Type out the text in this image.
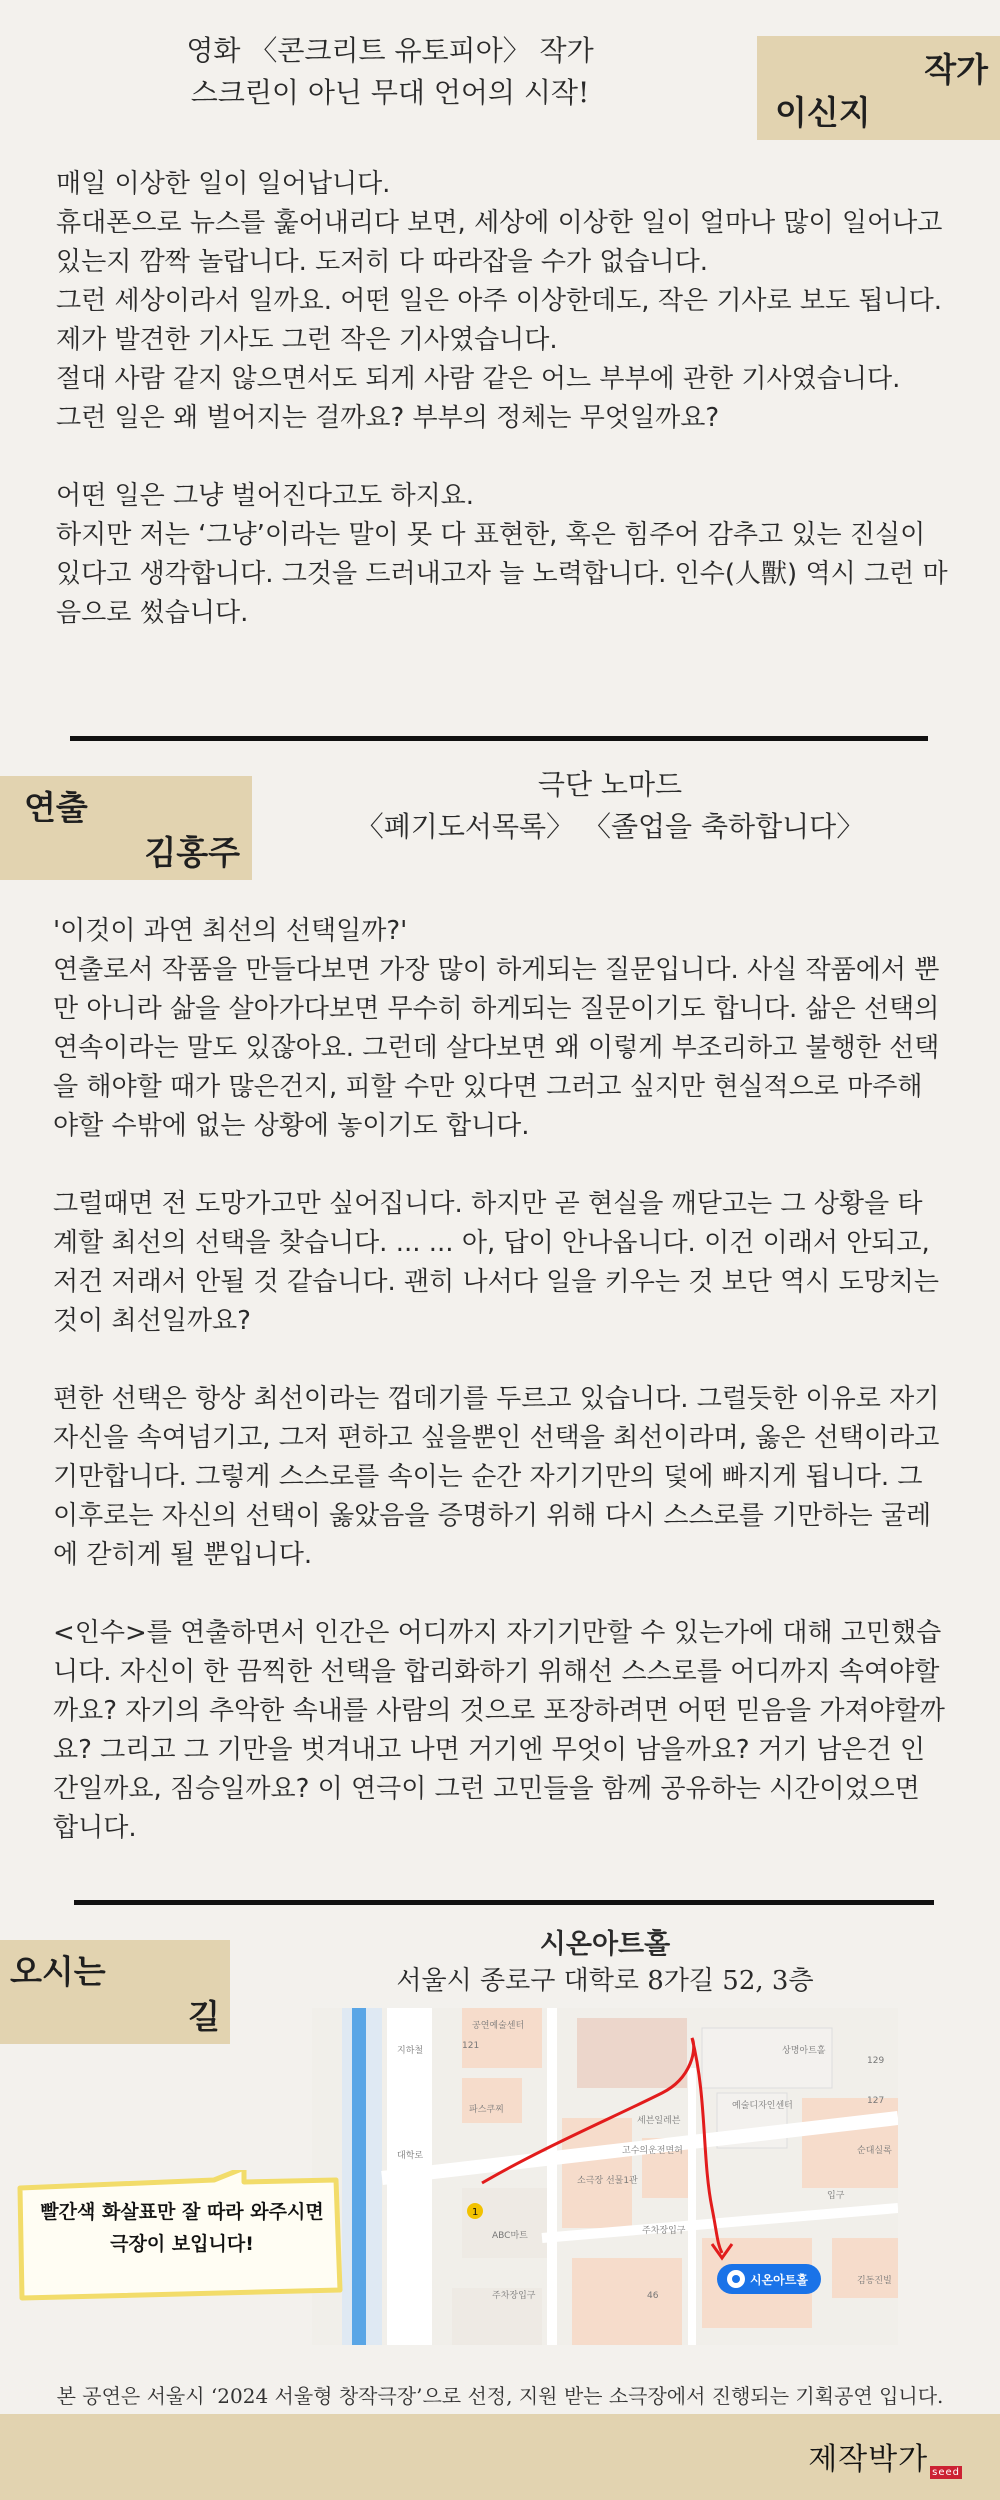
영화 〈콘크리트 유토피아〉 작가
스크린이 아닌 무대 언어의 시작!
작가
이신지

매일 이상한 일이 일어납니다.

휴대폰으로 뉴스를 훑어내리다 보면, 세상에 이상한 일이 얼마나 많이 일어나고 있는지 깜짝 놀랍니다. 도저히 다 따라잡을 수가 없습니다.

그런 세상이라서 일까요. 어떤 일은 아주 이상한데도, 작은 기사로 보도 됩니다.

제가 발견한 기사도 그런 작은 기사였습니다.

절대 사람 같지 않으면서도 되게 사람 같은 어느 부부에 관한 기사였습니다.

그런 일은 왜 벌어지는 걸까요? 부부의 정체는 무엇일까요?

어떤 일은 그냥 벌어진다고도 하지요.

하지만 저는 ‘그냥’이라는 말이 못 다 표현한, 혹은 힘주어 감추고 있는 진실이 있다고 생각합니다. 그것을 드러내고자 늘 노력합니다. 인수(人獸) 역시 그런 마음으로 썼습니다.

연출
김홍주
극단 노마드
〈폐기도서목록〉 〈졸업을 축하합니다〉

'이것이 과연 최선의 선택일까?'

연출로서 작품을 만들다보면 가장 많이 하게되는 질문입니다. 사실 작품에서 뿐만 아니라 삶을 살아가다보면 무수히 하게되는 질문이기도 합니다. 삶은 선택의 연속이라는 말도 있잖아요. 그런데 살다보면 왜 이렇게 부조리하고 불행한 선택을 해야할 때가 많은건지, 피할 수만 있다면 그러고 싶지만 현실적으로 마주해야할 수밖에 없는 상황에 놓이기도 합니다.

그럴때면 전 도망가고만 싶어집니다. 하지만 곧 현실을 깨닫고는 그 상황을 타계할 최선의 선택을 찾습니다. ... ... 아, 답이 안나옵니다. 이건 이래서 안되고, 저건 저래서 안될 것 같습니다. 괜히 나서다 일을 키우는 것 보단 역시 도망치는 것이 최선일까요?

편한 선택은 항상 최선이라는 껍데기를 두르고 있습니다. 그럴듯한 이유로 자기 자신을 속여넘기고, 그저 편하고 싶을뿐인 선택을 최선이라며, 옳은 선택이라고 기만합니다. 그렇게 스스로를 속이는 순간 자기기만의 덫에 빠지게 됩니다. 그 이후로는 자신의 선택이 옳았음을 증명하기 위해 다시 스스로를 기만하는 굴레에 갇히게 될 뿐입니다.

<인수>를 연출하면서 인간은 어디까지 자기기만할 수 있는가에 대해 고민했습니다. 자신이 한 끔찍한 선택을 합리화하기 위해선 스스로를 어디까지 속여야할까요? 자기의 추악한 속내를 사람의 것으로 포장하려면 어떤 믿음을 가져야할까요? 그리고 그 기만을 벗겨내고 나면 거기엔 무엇이 남을까요? 거기 남은건 인간일까요, 짐승일까요? 이 연극이 그런 고민들을 함께 공유하는 시간이었으면 합니다.

오시는
길
시온아트홀
서울시 종로구 대학로 8가길 52, 3층
공연예술센터
지하철
대학로
상명아트홀
예술디자인센터
세븐일레븐
고수의운전면허
소극장 선물1관
ABC마트	주차장입구
순대실록
입구
김동진빌
주차장입구
121
129
127
46
파스쿠찌
1
시온아트홀
빨간색 화살표만 잘 따라 와주시면
극장이 보입니다!
본 공연은 서울시 ‘2024 서울형 창작극장’으로 선정, 지원 받는 소극장에서 진행되는 기획공연 입니다.
제작박가 seed
